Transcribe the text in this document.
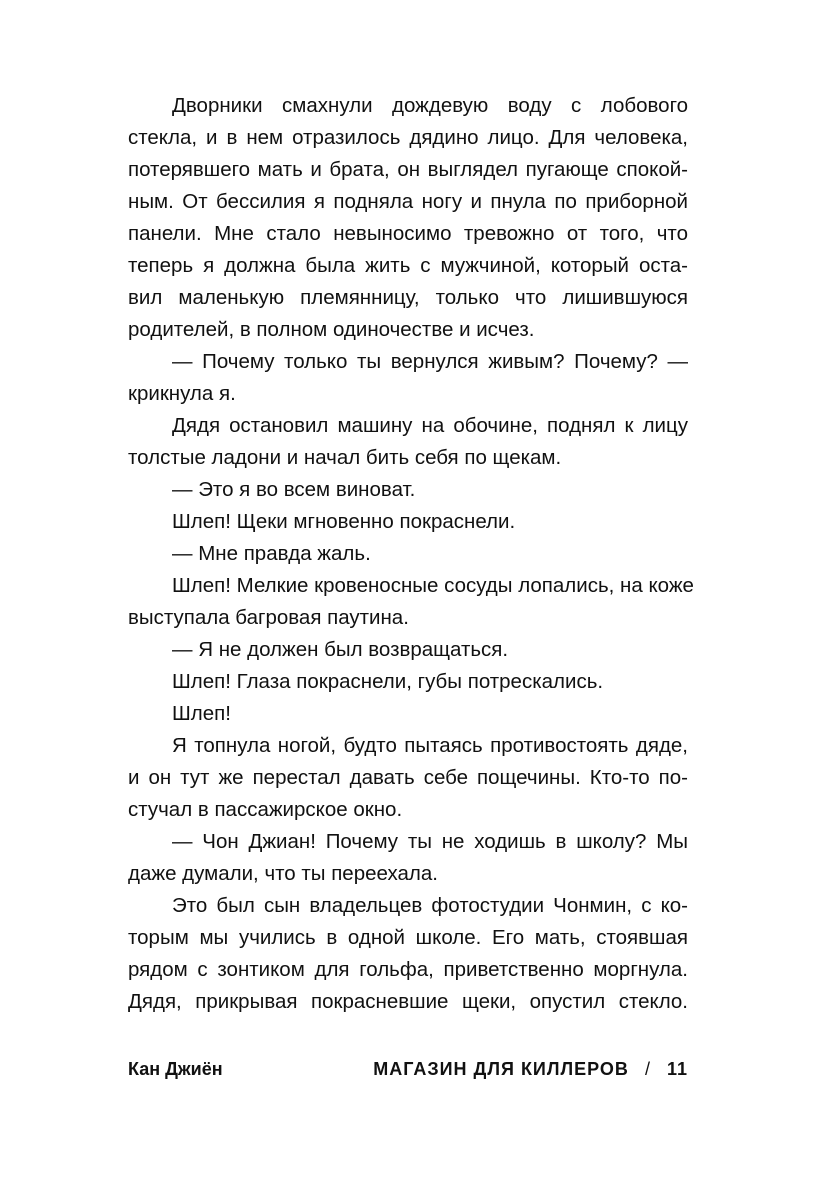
Дворники смахнули дождевую воду с лобового
стекла, и в нем отразилось дядино лицо. Для человека,
потерявшего мать и брата, он выглядел пугающе спокой-
ным. От бессилия я подняла ногу и пнула по приборной
панели. Мне стало невыносимо тревожно от того, что
теперь я должна была жить с мужчиной, который оста-
вил маленькую племянницу, только что лишившуюся
родителей, в полном одиночестве и исчез.
— Почему только ты вернулся живым? Почему? —
крикнула я.
Дядя остановил машину на обочине, поднял к лицу
толстые ладони и начал бить себя по щекам.
— Это я во всем виноват.
Шлеп! Щеки мгновенно покраснели.
— Мне правда жаль.
Шлеп! Мелкие кровеносные сосуды лопались, на коже
выступала багровая паутина.
— Я не должен был возвращаться.
Шлеп! Глаза покраснели, губы потрескались.
Шлеп!
Я топнула ногой, будто пытаясь противостоять дяде,
и он тут же перестал давать себе пощечины. Кто-то по-
стучал в пассажирское окно.
— Чон Джиан! Почему ты не ходишь в школу? Мы
даже думали, что ты переехала.
Это был сын владельцев фотостудии Чонмин, с ко-
торым мы учились в одной школе. Его мать, стоявшая
рядом с зонтиком для гольфа, приветственно моргнула.
Дядя, прикрывая покрасневшие щеки, опустил стекло.
Кан Джиён	МАГАЗИН ДЛЯ КИЛЛЕРОВ / 11
